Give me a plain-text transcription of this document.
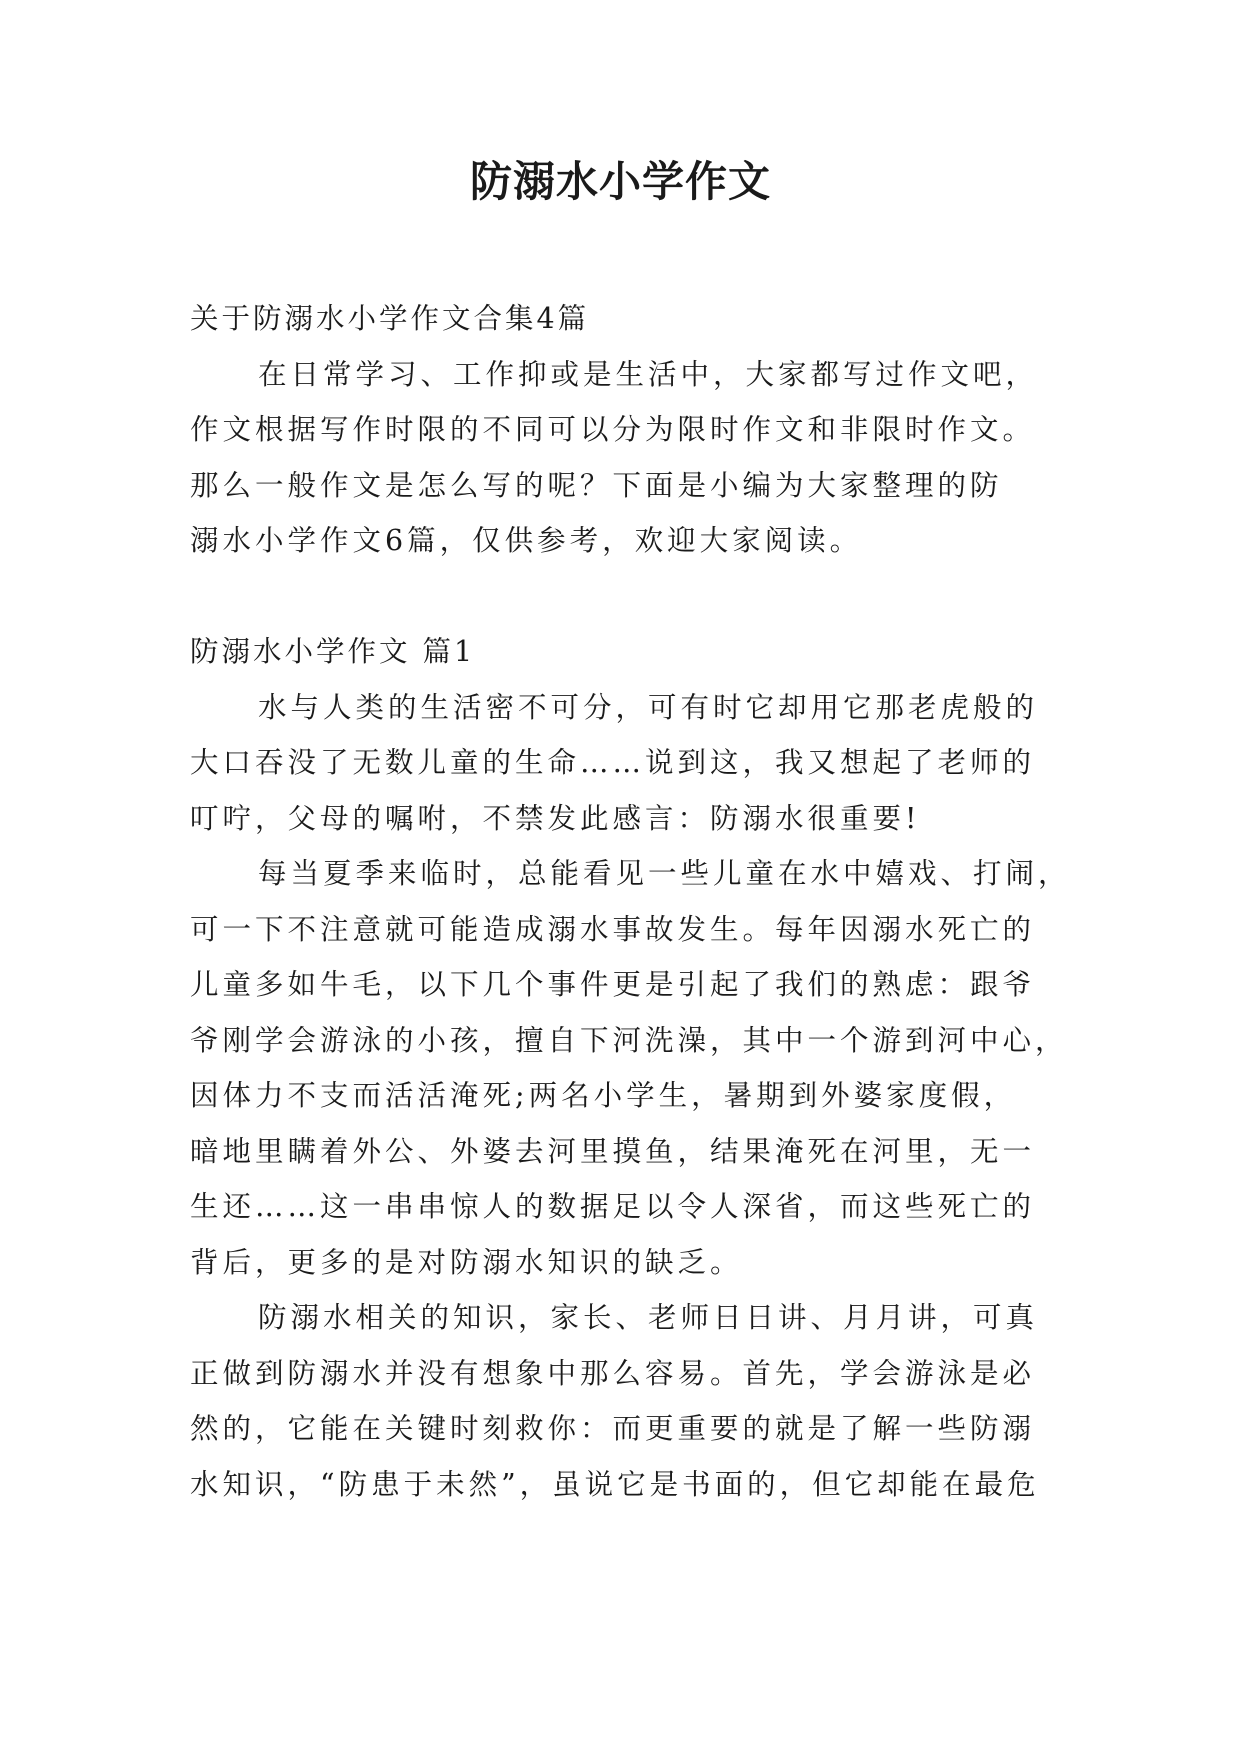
防溺水小学作文
关于防溺水小学作文合集4篇
在日常学习、工作抑或是生活中，大家都写过作文吧，
作文根据写作时限的不同可以分为限时作文和非限时作文。
那么一般作文是怎么写的呢？下面是小编为大家整理的防
溺水小学作文6篇，仅供参考，欢迎大家阅读。
防溺水小学作文 篇1
水与人类的生活密不可分，可有时它却用它那老虎般的
大口吞没了无数儿童的生命……说到这，我又想起了老师的
叮咛，父母的嘱咐，不禁发此感言：防溺水很重要!
每当夏季来临时，总能看见一些儿童在水中嬉戏、打闹，
可一下不注意就可能造成溺水事故发生。每年因溺水死亡的
儿童多如牛毛，以下几个事件更是引起了我们的熟虑：跟爷
爷刚学会游泳的小孩，擅自下河洗澡，其中一个游到河中心，
因体力不支而活活淹死;两名小学生，暑期到外婆家度假，
暗地里瞒着外公、外婆去河里摸鱼，结果淹死在河里，无一
生还……这一串串惊人的数据足以令人深省，而这些死亡的
背后，更多的是对防溺水知识的缺乏。
防溺水相关的知识，家长、老师日日讲、月月讲，可真
正做到防溺水并没有想象中那么容易。首先，学会游泳是必
然的，它能在关键时刻救你：而更重要的就是了解一些防溺
水知识，“防患于未然”，虽说它是书面的，但它却能在最危
